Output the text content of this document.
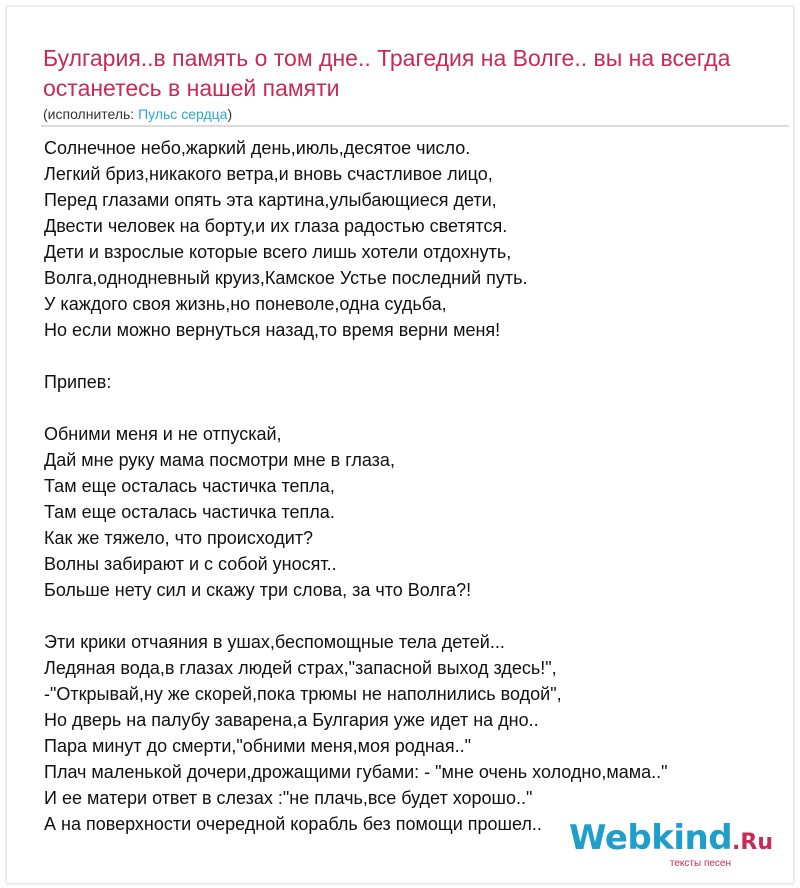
Булгария..в память о том дне.. Трагедия на Волге.. вы на всегда останетесь в нашей памяти
(исполнитель: Пульс сердца)
Солнечное небо,жаркий день,июль,десятое число.
Легкий бриз,никакого ветра,и вновь счастливое лицо,
Перед глазами опять эта картина,улыбающиеся дети,
Двести человек на борту,и их глаза радостью светятся.
Дети и взрослые которые всего лишь хотели отдохнуть,
Волга,однодневный круиз,Камское Устье последний путь.
У каждого своя жизнь,но поневоле,одна судьба,
Но если можно вернуться назад,то время верни меня!
Припев:
Обними меня и не отпускай,
Дай мне руку мама посмотри мне в глаза,
Там еще осталась частичка тепла,
Там еще осталась частичка тепла.
Как же тяжело, что происходит?
Волны забирают и с собой уносят..
Больше нету сил и скажу три слова, за что Волга?!
Эти крики отчаяния в ушах,беспомощные тела детей...
Ледяная вода,в глазах людей страх,"запасной выход здесь!",
-"Открывай,ну же скорей,пока трюмы не наполнились водой",
Но дверь на палубу заварена,а Булгария уже идет на дно..
Пара минут до смерти,"обними меня,моя родная.."
Плач маленькой дочери,дрожащими губами: - "мне очень холодно,мама.."
И ее матери ответ в слезах :"не плачь,все будет хорошо.."
А на поверхности очередной корабль без помощи прошел.. Webkind.Ru
тексты песен
